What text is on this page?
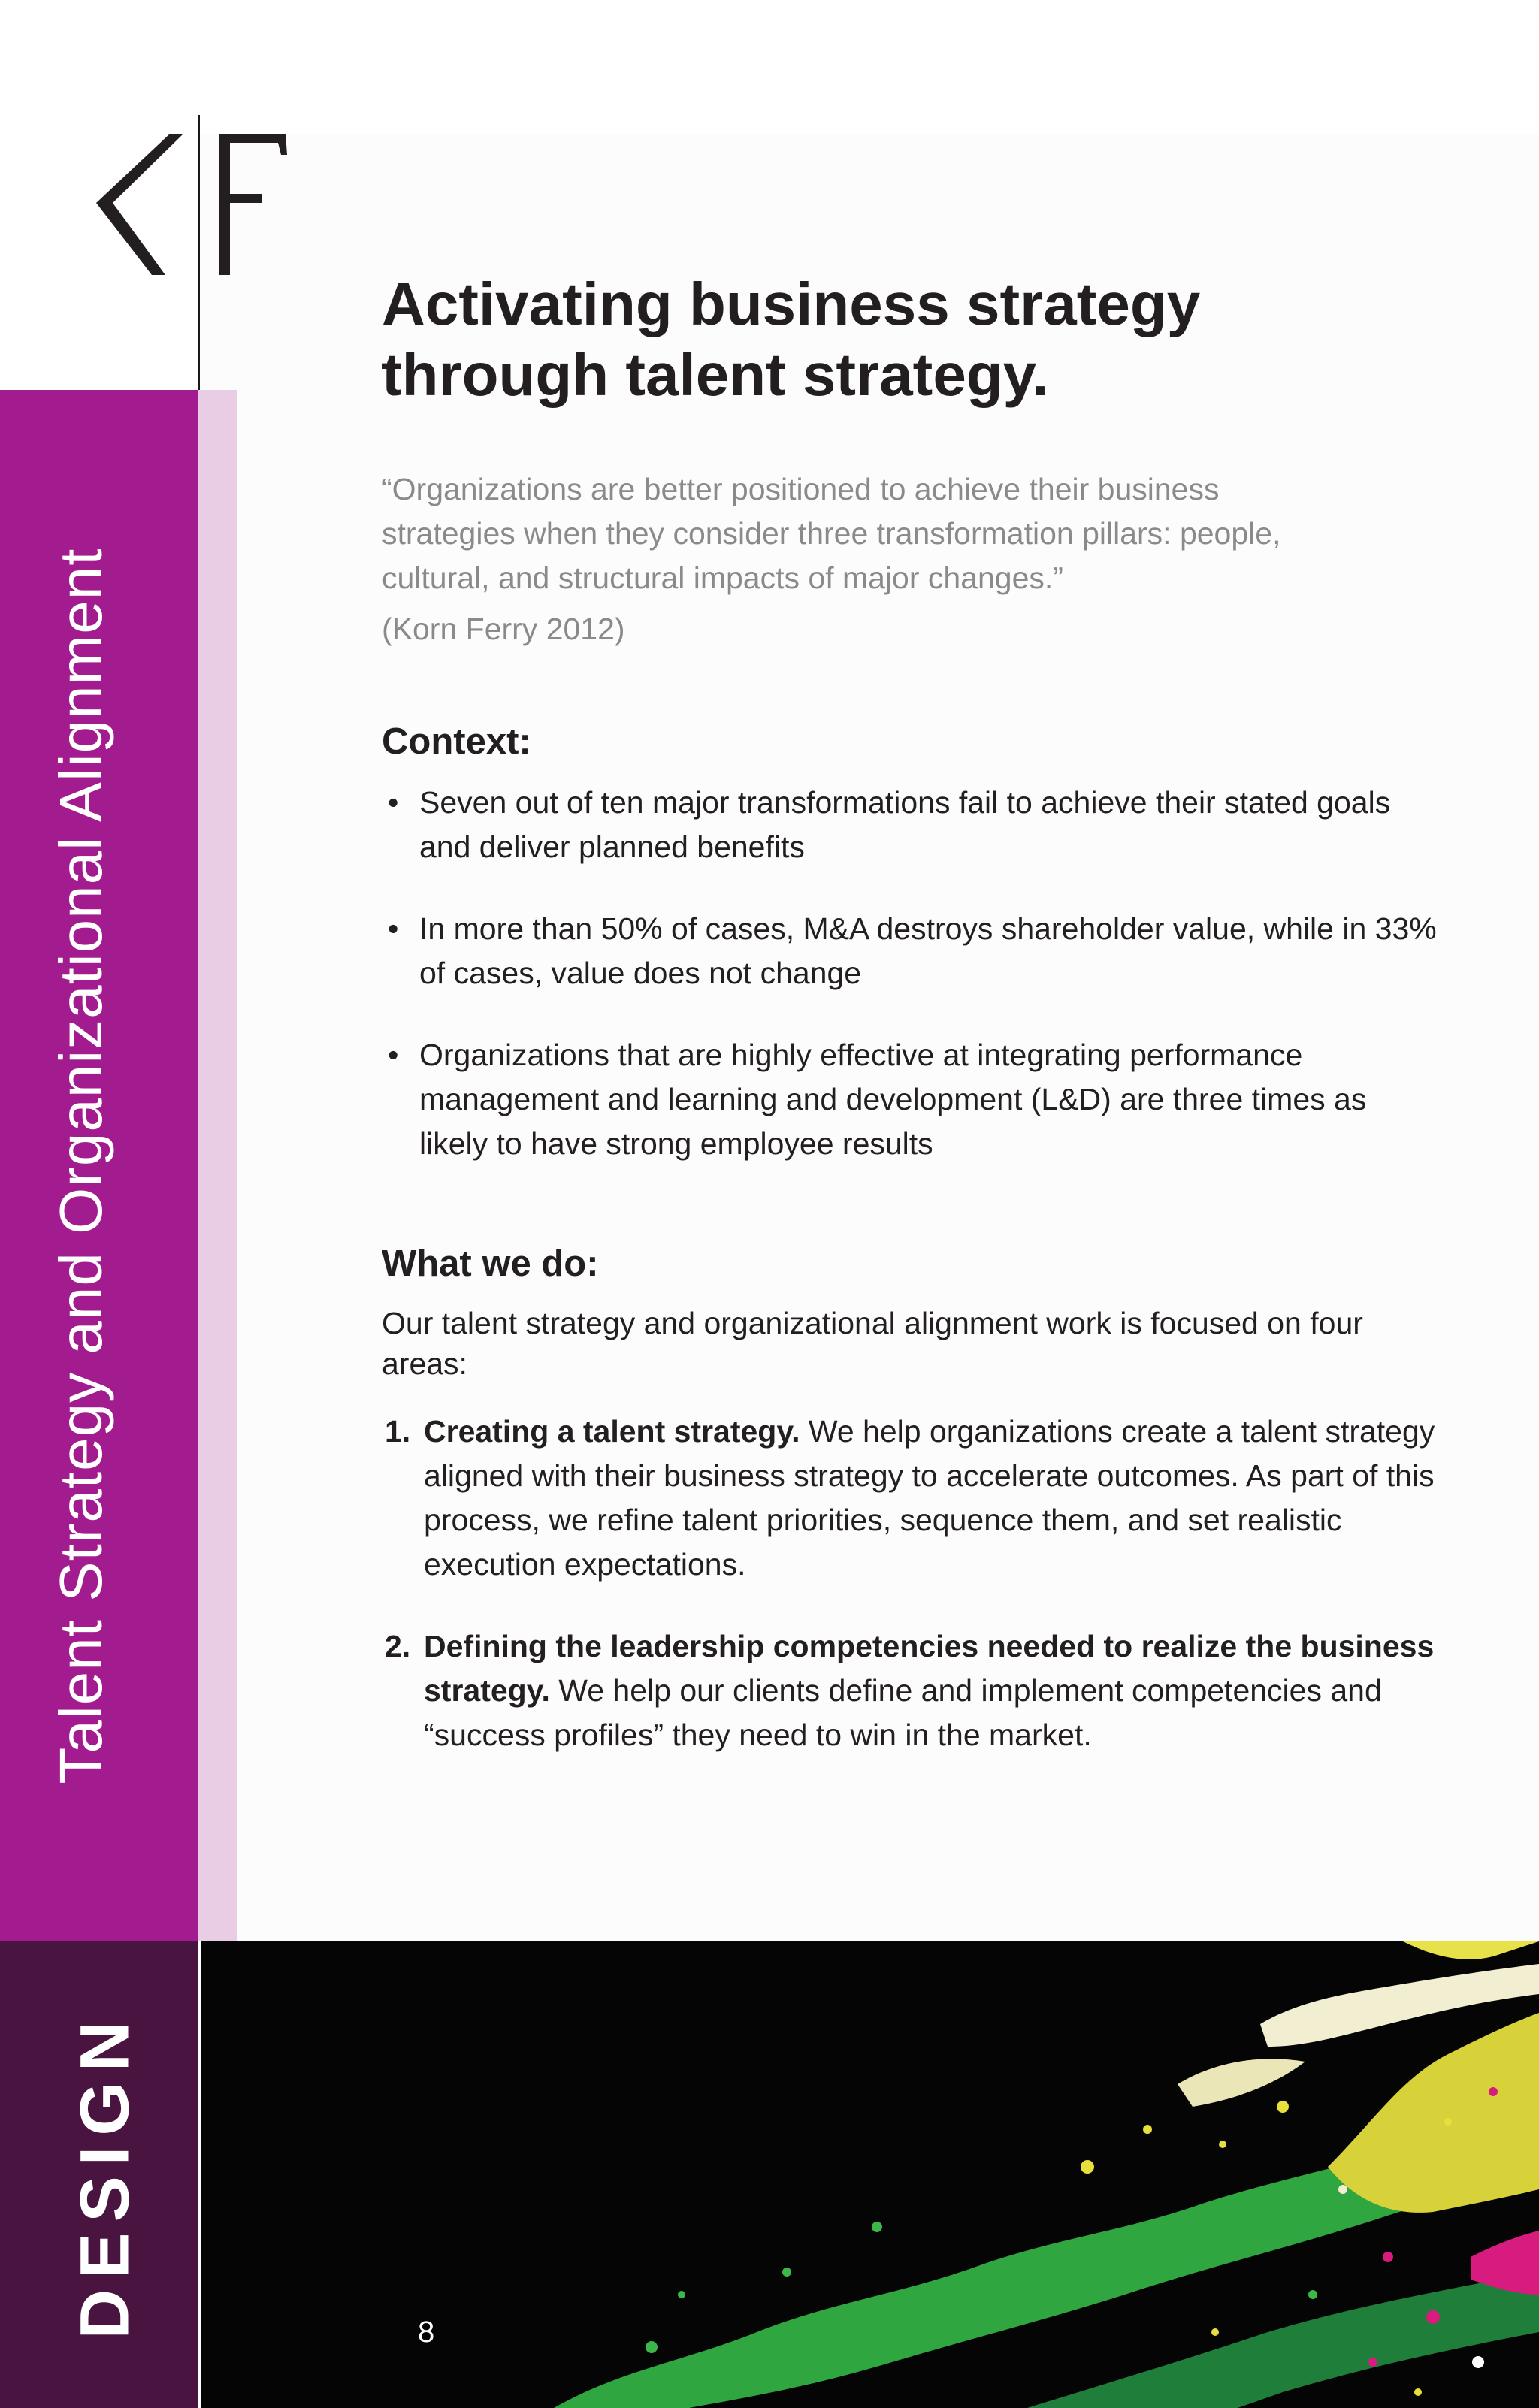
Talent Strategy and Organizational Alignment
DESIGN
Activating business strategy
through talent strategy.
“Organizations are better positioned to achieve their business strategies when they consider three transformation pillars: people, cultural, and structural impacts of major changes.”
(Korn Ferry 2012)
Context:
• Seven out of ten major transformations fail to achieve their stated goals and deliver planned benefits
• In more than 50% of cases, M&A destroys shareholder value, while in 33% of cases, value does not change
• Organizations that are highly effective at integrating performance management and learning and development (L&D) are three times as likely to have strong employee results
What we do:
Our talent strategy and organizational alignment work is focused on four areas:
1. Creating a talent strategy. We help organizations create a talent strategy aligned with their business strategy to accelerate outcomes. As part of this process, we refine talent priorities, sequence them, and set realistic execution expectations.
2. Defining the leadership competencies needed to realize the business strategy. We help our clients define and implement competencies and “success profiles” they need to win in the market.
8
